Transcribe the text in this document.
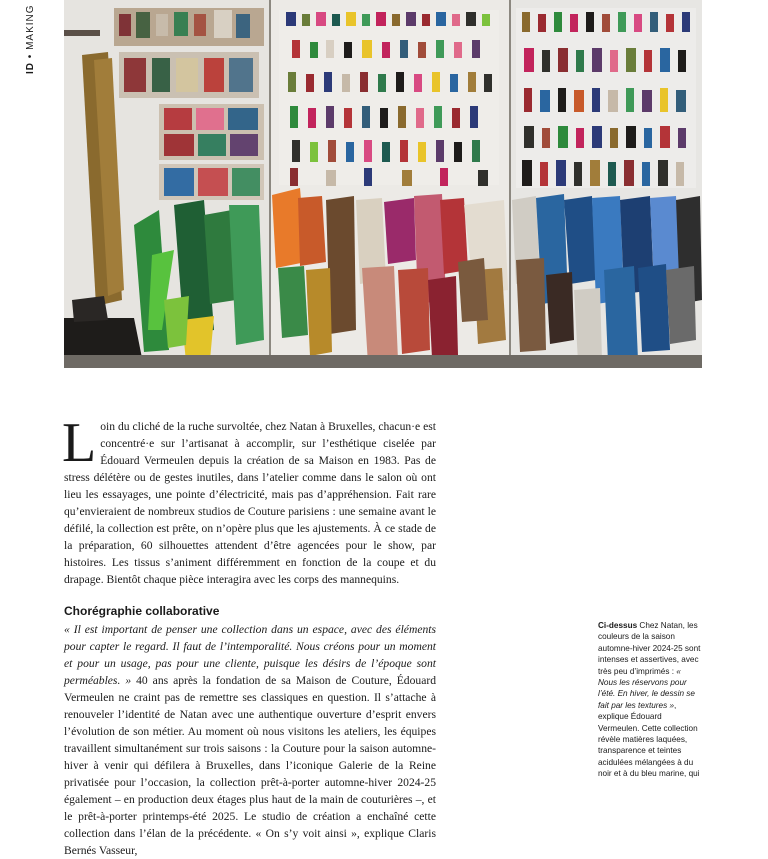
ID • MAKING

Loin du cliché de la ruche survoltée, chez Natan à Bruxelles, chacun·e est concentré·e sur l’artisanat à accomplir, sur l’esthétique ciselée par Édouard Vermeulen depuis la création de sa Maison en 1983. Pas de stress délétère ou de gestes inutiles, dans l’atelier comme dans le salon où ont lieu les essayages, une pointe d’électricité, mais pas d’appréhension. Fait rare qu’envieraient de nombreux studios de Couture parisiens : une semaine avant le défilé, la collection est prête, on n’opère plus que les ajustements. À ce stade de la préparation, 60 silhouettes attendent d’être agencées pour le show, par histoires. Les tissus s’animent différemment en fonction de la coupe et du drapage. Bientôt chaque pièce interagira avec les corps des mannequins.

Chorégraphie collaborative

« Il est important de penser une collection dans un espace, avec des éléments pour capter le regard. Il faut de l’intemporalité. Nous créons pour un moment et pour un usage, pas pour une cliente, puisque les désirs de l’époque sont perméables. » 40 ans après la fondation de sa Maison de Couture, Édouard Vermeulen ne craint pas de remettre ses classiques en question. Il s’attache à renouveler l’identité de Natan avec une authentique ouverture d’esprit envers l’évolution de son métier. Au moment où nous visitons les ateliers, les équipes travaillent simultanément sur trois saisons : la Couture pour la saison automne-hiver à venir qui défilera à Bruxelles, dans l’iconique Galerie de la Reine privatisée pour l’occasion, la collection prêt-à-porter automne-hiver 2024-25 également – en production deux étages plus haut de la main de couturières –, et le prêt-à-porter printemps-été 2025. Le studio de création a enchaîné cette collection dans l’élan de la précédente. « On s’y voit ainsi », explique Claris Bernés Vasseur,

Ci-dessus Chez Natan, les couleurs de la saison automne-hiver 2024-25 sont intenses et assertives, avec très peu d’imprimés : « Nous les réservons pour l’été. En hiver, le dessin se fait par les textures », explique Édouard Vermeulen. Cette collection révèle matières laquées, transparence et teintes acidulées mélangées à du noir et à du bleu marine, qui
